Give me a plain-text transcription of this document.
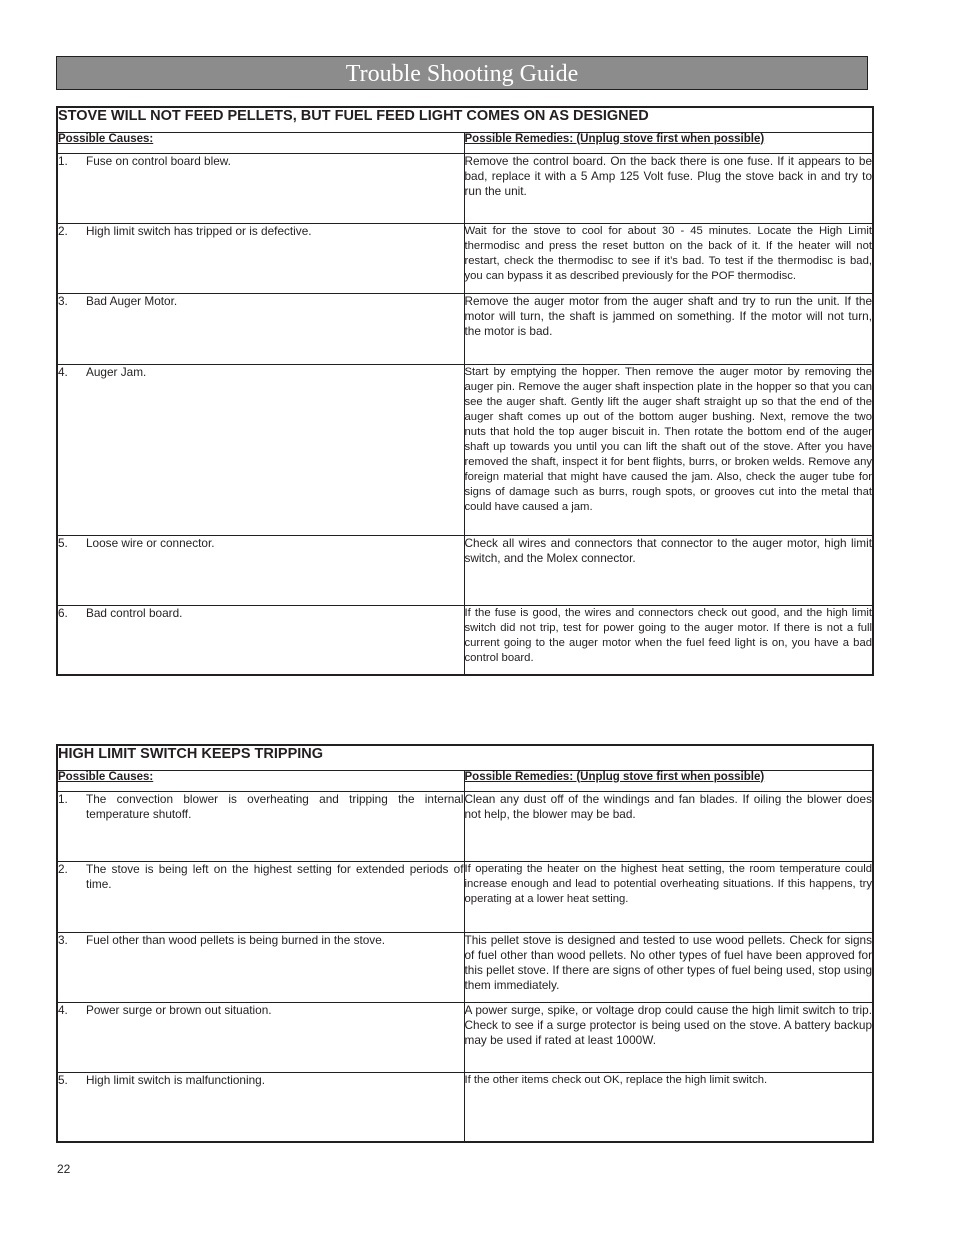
Trouble Shooting Guide
STOVE WILL NOT FEED PELLETS, BUT FUEL FEED LIGHT COMES ON AS DESIGNED	
Possible Causes:	Possible Remedies: (Unplug stove first when possible)

1. Fuse on control board blew.	Remove the control board. On the back there is one fuse. If it appears to be bad, replace it with a 5 Amp 125 Volt fuse. Plug the stove back in and try to run the unit.

2. High limit switch has tripped or is defective.	Wait for the stove to cool for about 30 - 45 minutes. Locate the High Limit thermodisc and press the reset button on the back of it. If the heater will not restart, check the thermodisc to see if it’s bad. To test if the thermodisc is bad, you can bypass it as described previously for the POF thermodisc.

3. Bad Auger Motor.	Remove the auger motor from the auger shaft and try to run the unit. If the motor will turn, the shaft is jammed on something. If the motor will not turn, the motor is bad.

4. Auger Jam.	Start by emptying the hopper. Then remove the auger motor by removing the auger pin. Remove the auger shaft inspection plate in the hopper so that you can see the auger shaft. Gently lift the auger shaft straight up so that the end of the auger shaft comes up out of the bottom auger bushing. Next, remove the two nuts that hold the top auger biscuit in. Then rotate the bottom end of the auger shaft up towards you until you can lift the shaft out of the stove. After you have removed the shaft, inspect it for bent flights, burrs, or broken welds. Remove any foreign material that might have caused the jam. Also, check the auger tube for signs of damage such as burrs, rough spots, or grooves cut into the metal that could have caused a jam.

5. Loose wire or connector.	Check all wires and connectors that connector to the auger motor, high limit switch, and the Molex connector.

6. Bad control board.	If the fuse is good, the wires and connectors check out good, and the high limit switch did not trip, test for power going to the auger motor. If there is not a full current going to the auger motor when the fuel feed light is on, you have a bad control board.
HIGH LIMIT SWITCH KEEPS TRIPPING	
Possible Causes:	Possible Remedies: (Unplug stove first when possible)

1. The convection blower is overheating and tripping the internal temperature shutoff.	Clean any dust off of the windings and fan blades. If oiling the blower does not help, the blower may be bad.

2. The stove is being left on the highest setting for extended periods of time.	If operating the heater on the highest heat setting, the room temperature could increase enough and lead to potential overheating situations. If this happens, try operating at a lower heat setting.

3. Fuel other than wood pellets is being burned in the stove.	This pellet stove is designed and tested to use wood pellets. Check for signs of fuel other than wood pellets. No other types of fuel have been approved for this pellet stove. If there are signs of other types of fuel being used, stop using them immediately.

4. Power surge or brown out situation.	A power surge, spike, or voltage drop could cause the high limit switch to trip. Check to see if a surge protector is being used on the stove. A battery backup may be used if rated at least 1000W.

5. High limit switch is malfunctioning.	If the other items check out OK, replace the high limit switch.
22
